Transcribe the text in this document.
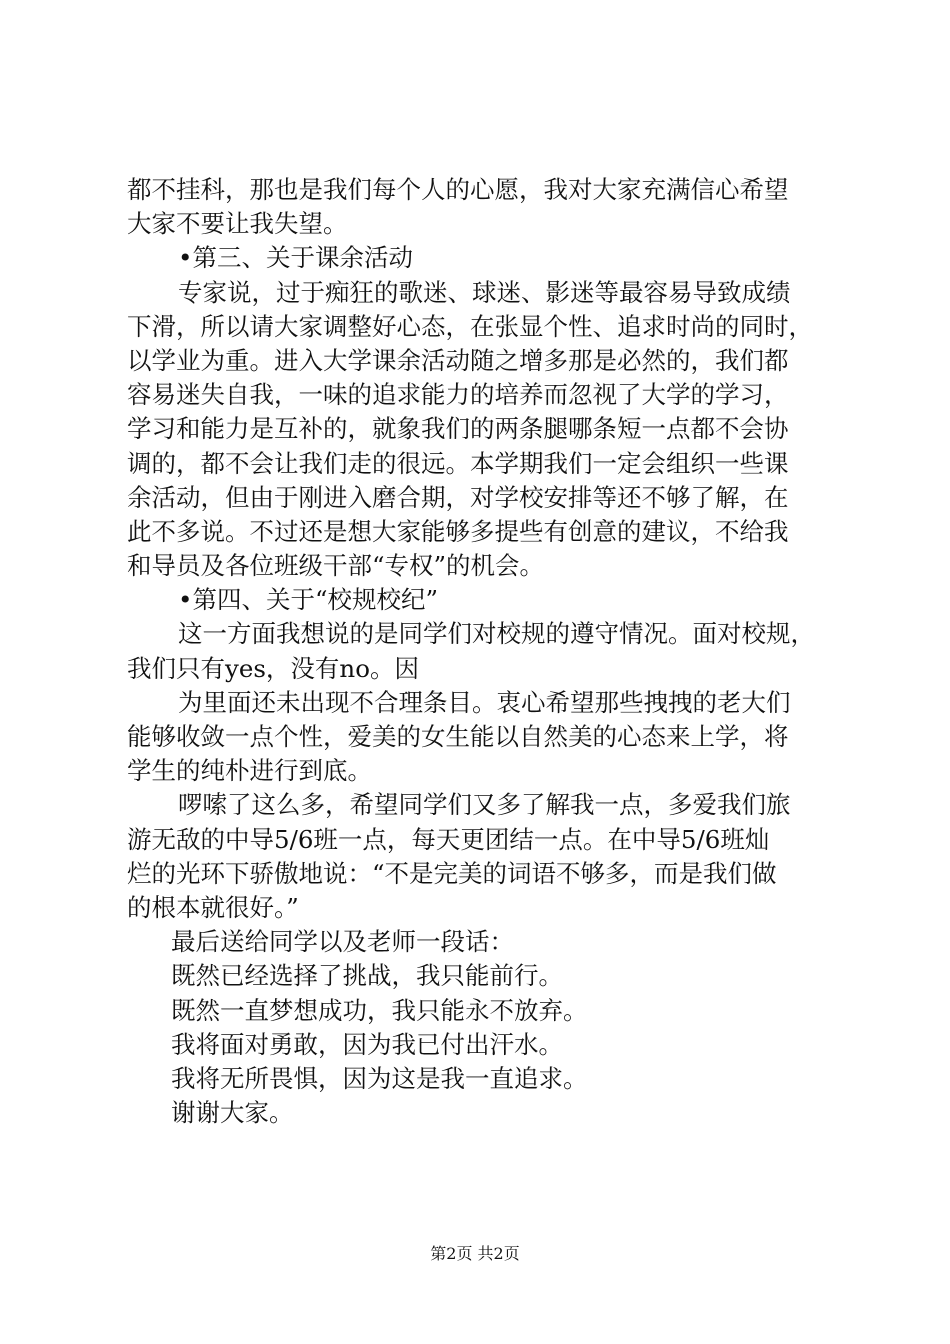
都不挂科，那也是我们每个人的心愿，我对大家充满信心希望
大家不要让我失望。
•第三、关于课余活动
专家说，过于痴狂的歌迷、球迷、影迷等最容易导致成绩
下滑，所以请大家调整好心态，在张显个性、追求时尚的同时，
以学业为重。进入大学课余活动随之增多那是必然的，我们都
容易迷失自我，一味的追求能力的培养而忽视了大学的学习，
学习和能力是互补的，就象我们的两条腿哪条短一点都不会协
调的，都不会让我们走的很远。本学期我们一定会组织一些课
余活动，但由于刚进入磨合期，对学校安排等还不够了解，在
此不多说。不过还是想大家能够多提些有创意的建议，不给我
和导员及各位班级干部“专权”的机会。
•第四、关于“校规校纪”
这一方面我想说的是同学们对校规的遵守情况。面对校规，
我们只有yes，没有no。因
为里面还未出现不合理条目。衷心希望那些拽拽的老大们
能够收敛一点个性，爱美的女生能以自然美的心态来上学，将
学生的纯朴进行到底。
啰嗦了这么多，希望同学们又多了解我一点，多爱我们旅
游无敌的中导5/6班一点，每天更团结一点。在中导5/6班灿
烂的光环下骄傲地说：“不是完美的词语不够多，而是我们做
的根本就很好。”
最后送给同学以及老师一段话：
既然已经选择了挑战，我只能前行。
既然一直梦想成功，我只能永不放弃。
我将面对勇敢，因为我已付出汗水。
我将无所畏惧，因为这是我一直追求。
谢谢大家。
第2页 共2页
